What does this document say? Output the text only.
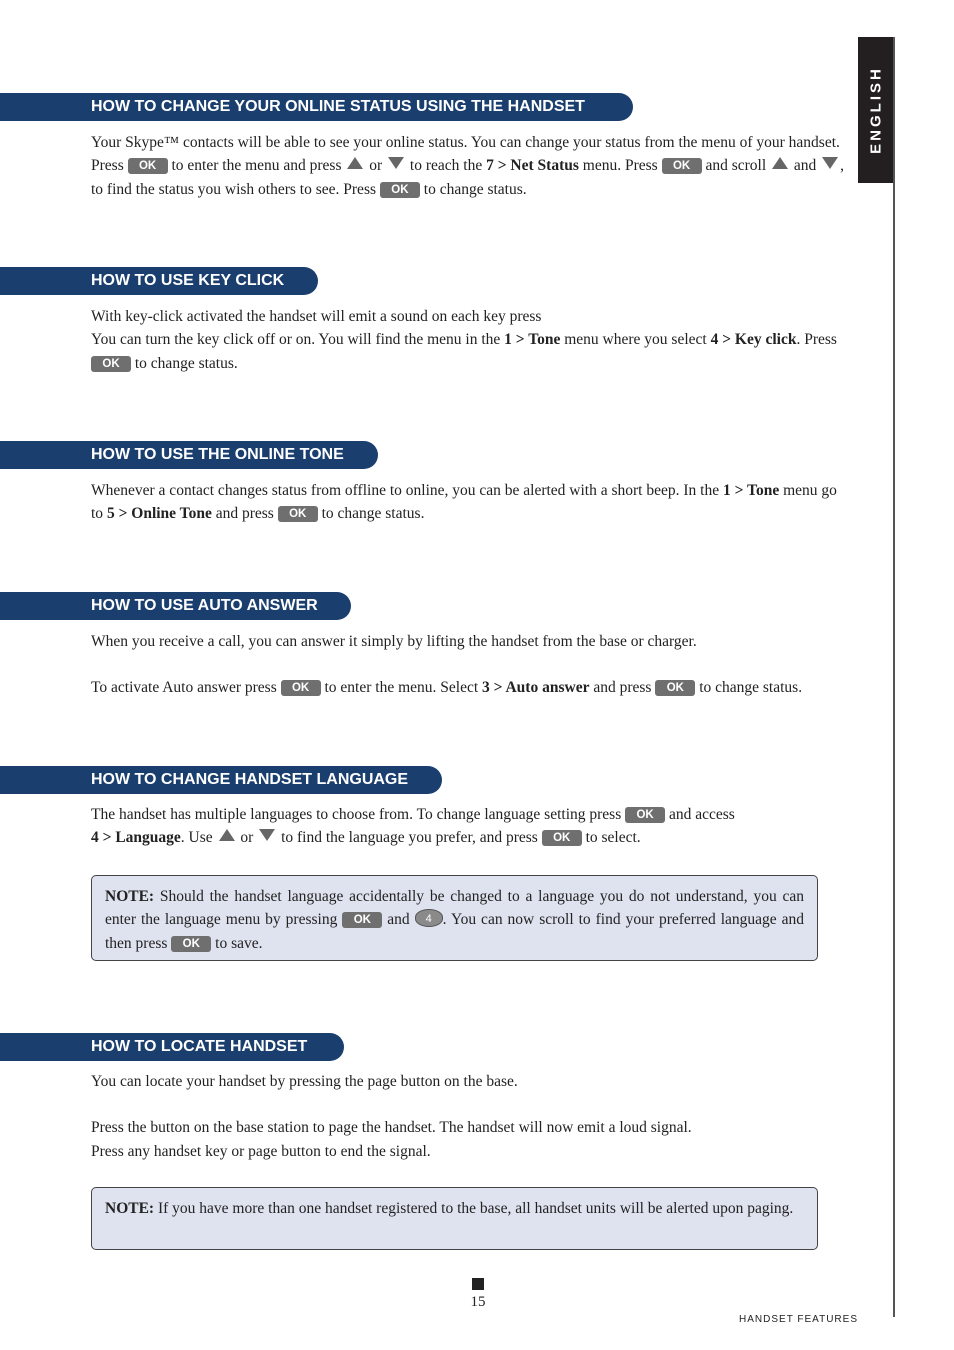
ENGLISH
HOW TO CHANGE YOUR ONLINE STATUS USING THE HANDSET
Your Skype™ contacts will be able to see your online status. You can change your status from the menu of your handset. Press OK to enter the menu and press or to reach the 7 > Net Status menu. Press OK and scroll and , to find the status you wish others to see. Press OK to change status.
HOW TO USE KEY CLICK

With key-click activated the handset will emit a sound on each key press

You can turn the key click off or on. You will find the menu in the 1 > Tone menu where you select 4 > Key click. Press OK to change status.

HOW TO USE THE ONLINE TONE
Whenever a contact changes status from offline to online, you can be alerted with a short beep. In the 1 > Tone menu go to 5 > Online Tone and press OK to change status.
HOW TO USE AUTO ANSWER

When you receive a call, you can answer it simply by lifting the handset from the base or charger.

To activate Auto answer press OK to enter the menu. Select 3 > Auto answer and press OK to change status.

HOW TO CHANGE HANDSET LANGUAGE
The handset has multiple languages to choose from. To change language setting press OK and access
4 > Language. Use or to find the language you prefer, and press OK to select.
NOTE: Should the handset language accidentally be changed to a language you do not understand, you can enter the language menu by pressing OK and 4 . You can now scroll to find your preferred language and then press OK to save.
HOW TO LOCATE HANDSET

You can locate your handset by pressing the page button on the base.

Press the button on the base station to page the handset. The handset will now emit a loud signal.

Press any handset key or page button to end the signal.

NOTE: If you have more than one handset registered to the base, all handset units will be alerted upon paging.
15
HANDSET FEATURES
